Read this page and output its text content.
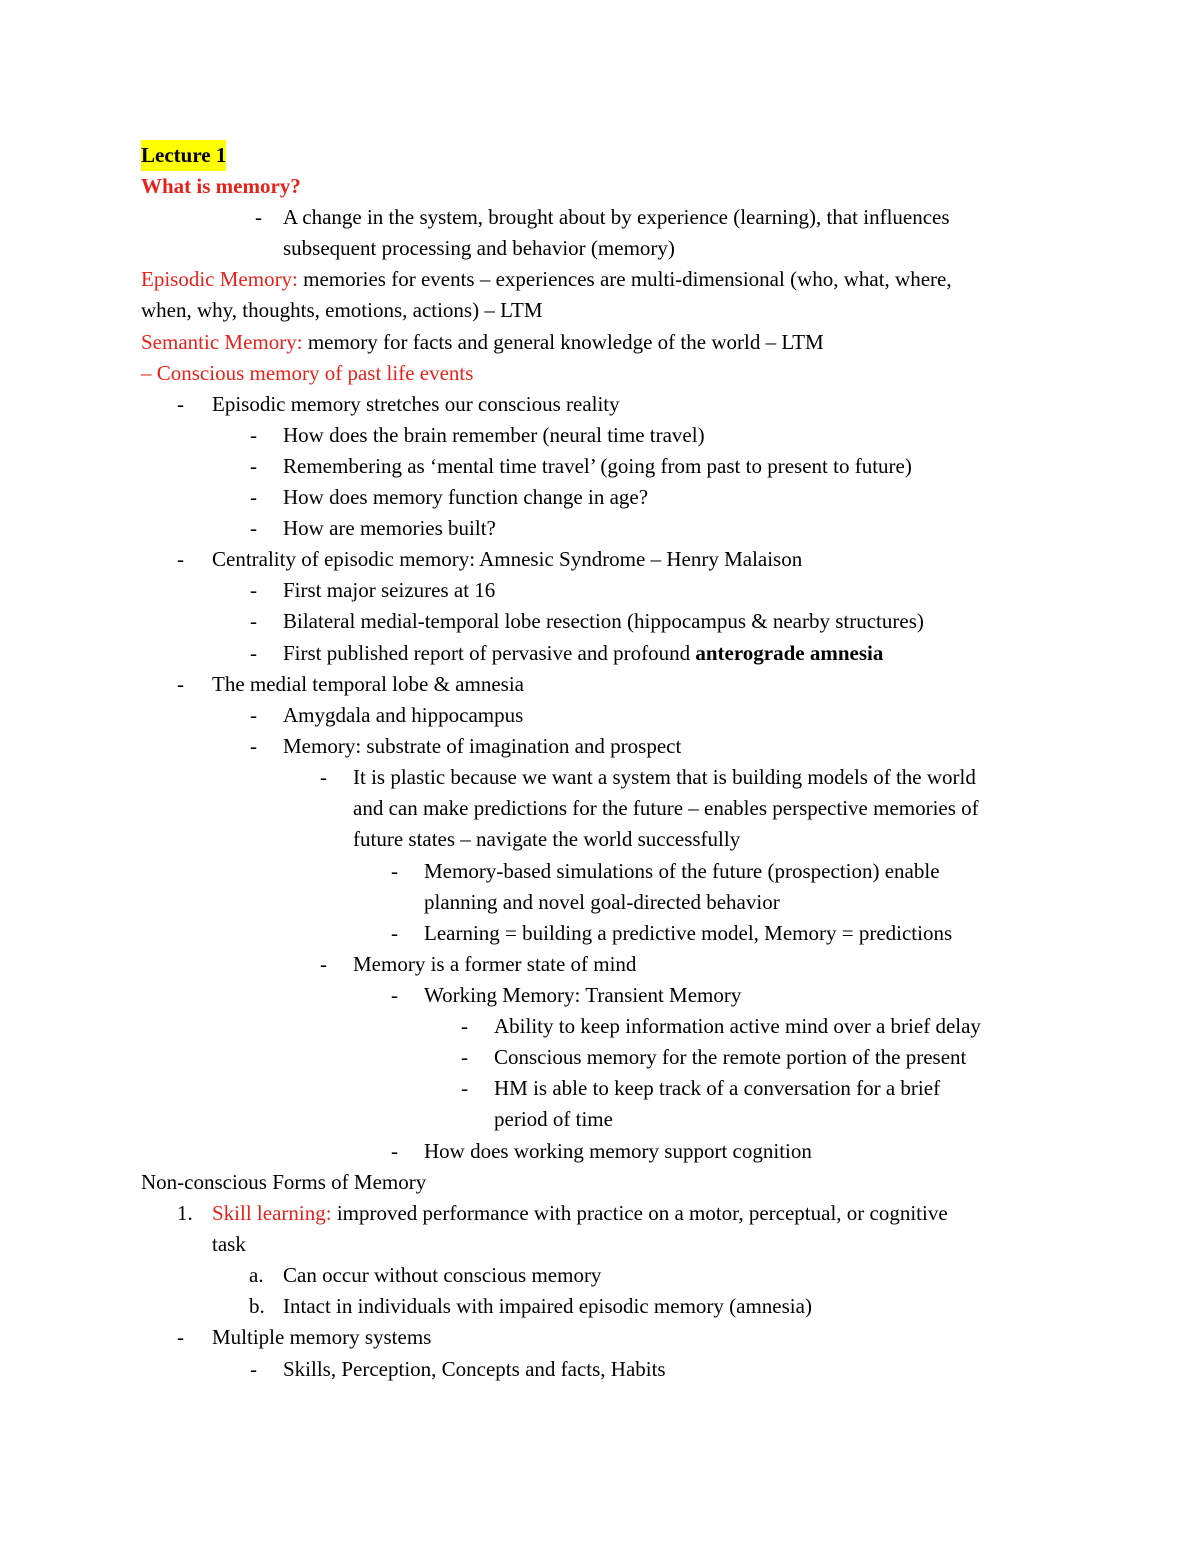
Lecture 1
What is memory?
- A change in the system, brought about by experience (learning), that influences
subsequent processing and behavior (memory)
Episodic Memory: memories for events – experiences are multi-dimensional (who, what, where,
when, why, thoughts, emotions, actions) – LTM
Semantic Memory: memory for facts and general knowledge of the world – LTM
– Conscious memory of past life events
- Episodic memory stretches our conscious reality
- How does the brain remember (neural time travel)
- Remembering as ‘mental time travel’ (going from past to present to future)
- How does memory function change in age?
- How are memories built?
- Centrality of episodic memory: Amnesic Syndrome – Henry Malaison
- First major seizures at 16
- Bilateral medial-temporal lobe resection (hippocampus & nearby structures)
- First published report of pervasive and profound anterograde amnesia
- The medial temporal lobe & amnesia
- Amygdala and hippocampus
- Memory: substrate of imagination and prospect
- It is plastic because we want a system that is building models of the world
and can make predictions for the future – enables perspective memories of
future states – navigate the world successfully
- Memory-based simulations of the future (prospection) enable
planning and novel goal-directed behavior
- Learning = building a predictive model, Memory = predictions
- Memory is a former state of mind
- Working Memory: Transient Memory
- Ability to keep information active mind over a brief delay
- Conscious memory for the remote portion of the present
- HM is able to keep track of a conversation for a brief
period of time
- How does working memory support cognition
Non-conscious Forms of Memory
1. Skill learning: improved performance with practice on a motor, perceptual, or cognitive
task
a. Can occur without conscious memory
b. Intact in individuals with impaired episodic memory (amnesia)
- Multiple memory systems
- Skills, Perception, Concepts and facts, Habits
